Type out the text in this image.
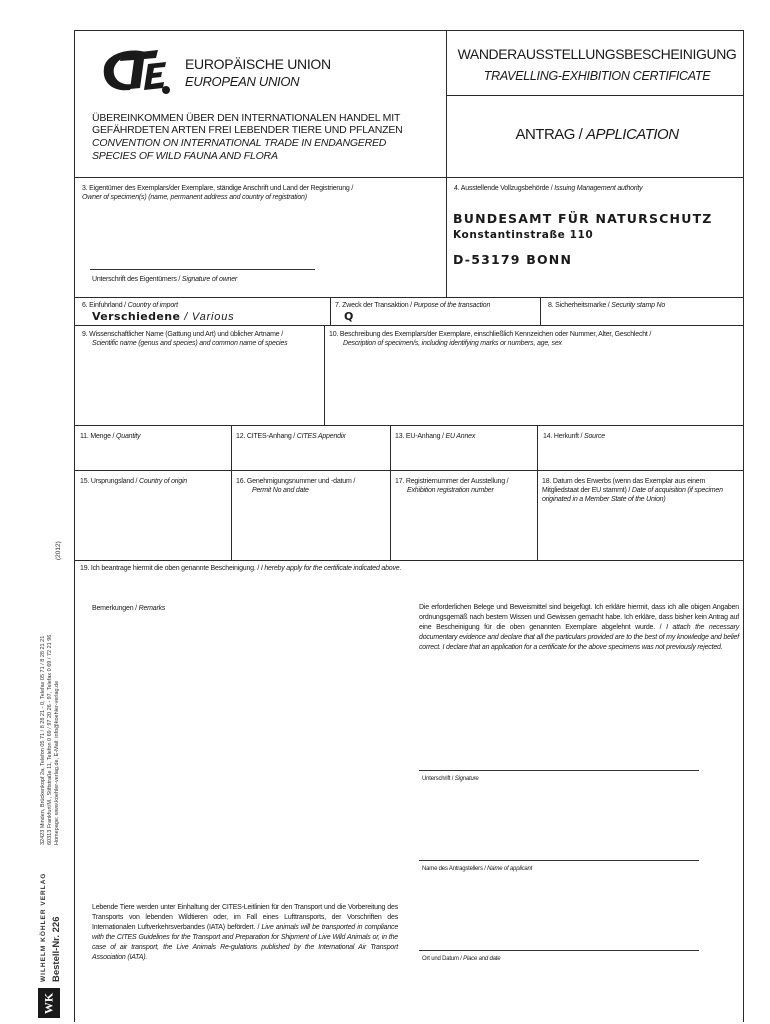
EUROPÄISCHE UNION
EUROPEAN UNION
ÜBEREINKOMMEN ÜBER DEN INTERNATIONALEN HANDEL MIT GEFÄHRDETEN ARTEN FREI LEBENDER TIERE UND PFLANZEN
CONVENTION ON INTERNATIONAL TRADE IN ENDANGERED SPECIES OF WILD FAUNA AND FLORA
WANDERAUSSTELLUNGSBESCHEINIGUNG
TRAVELLING-EXHIBITION CERTIFICATE
ANTRAG / APPLICATION
3. Eigentümer des Exemplars/der Exemplare, ständige Anschrift und Land der Registrierung /
Owner of specimen(s) (name, permanent address and country of registration)
Unterschrift des Eigentümers / Signature of owner
4. Ausstellende Vollzugsbehörde / Issuing Management authority
BUNDESAMT FÜR NATURSCHUTZ
Konstantinstraße 110
D-53179 BONN
6. Einfuhrland / Country of import
Verschiedene / Various
7. Zweck der Transaktion / Purpose of the transaction
Q
8. Sicherheitsmarke / Security stamp No
9. Wissenschaftlicher Name (Gattung und Art) und üblicher Artname /

Scientific name (genus and species) and common name of species
10. Beschreibung des Exemplars/der Exemplare, einschließlich Kennzeichen oder Nummer, Alter, Geschlecht /
Description of specimen/s, including identifying marks or numbers, age, sex
11. Menge / Quantity	12. CITES-Anhang / CITES Appendix	13. EU-Anhang / EU Annex	14. Herkunft / Source
15. Ursprungsland / Country of origin	16. Genehmigungsnummer und -datum /
Permit No and date
17. Registriernummer der Ausstellung /
Exhibition registration number
18. Datum des Erwerbs (wenn das Exemplar aus einem Mitgliedstaat der EU stammt) / Date of acquisition (if specimen originated in a Member State of the Union)
19. Ich beantrage hiermit die oben genannte Bescheinigung. / I hereby apply for the certificate indicated above.
Bemerkungen / Remarks	Die erforderlichen Belege und Beweismittel sind beigefügt. Ich erkläre hiermit, dass ich alle obigen Angaben ordnungsgemäß nach bestem Wissen und Gewissen gemacht habe. Ich erkläre, dass bisher kein Antrag auf eine Bescheinigung für die oben genannten Exemplare abgelehnt wurde. / I attach the necessary documentary evidence and declare that all the particulars provided are to the best of my knowledge and belief correct. I declare that an application for a certificate for the above specimens was not previously rejected.
Unterschrift / Signature
Name des Antragstellers / Name of applicant
Ort und Datum / Place and date
Lebende Tiere werden unter Einhaltung der CITES-Leitlinien für den Transport und die Vorbereitung des Transports von lebenden Wildtieren oder, im Fall eines Lufttransports, der Vorschriften des Internationalen Luftverkehrsverbandes (IATA) befördert. / Live animals will be transported in compliance with the CITES Guidelines for the Transport and Preparation for Shipment of Live Wild Animals or, in the case of air transport, the Live Animals Re-gulations published by the International Air Transport Association (IATA).
(2012)
32423 Minden, Brückenkopf 2a, Telefon 05 71 / 8 28 21 - 0, Telefax 05 71 / 8 28 21 21 60313 Frankfurt/M., Stiftstraße 11, Telefon 0 69 / 97 20 26 - 97, Telefax 0 69 / 72 21 96 Homepage: www.koehler-verlag.de, E-Mail: info@koehler-verlag.de
WILHELM KÖHLER VERLAG Bestell-Nr. 226
WK
